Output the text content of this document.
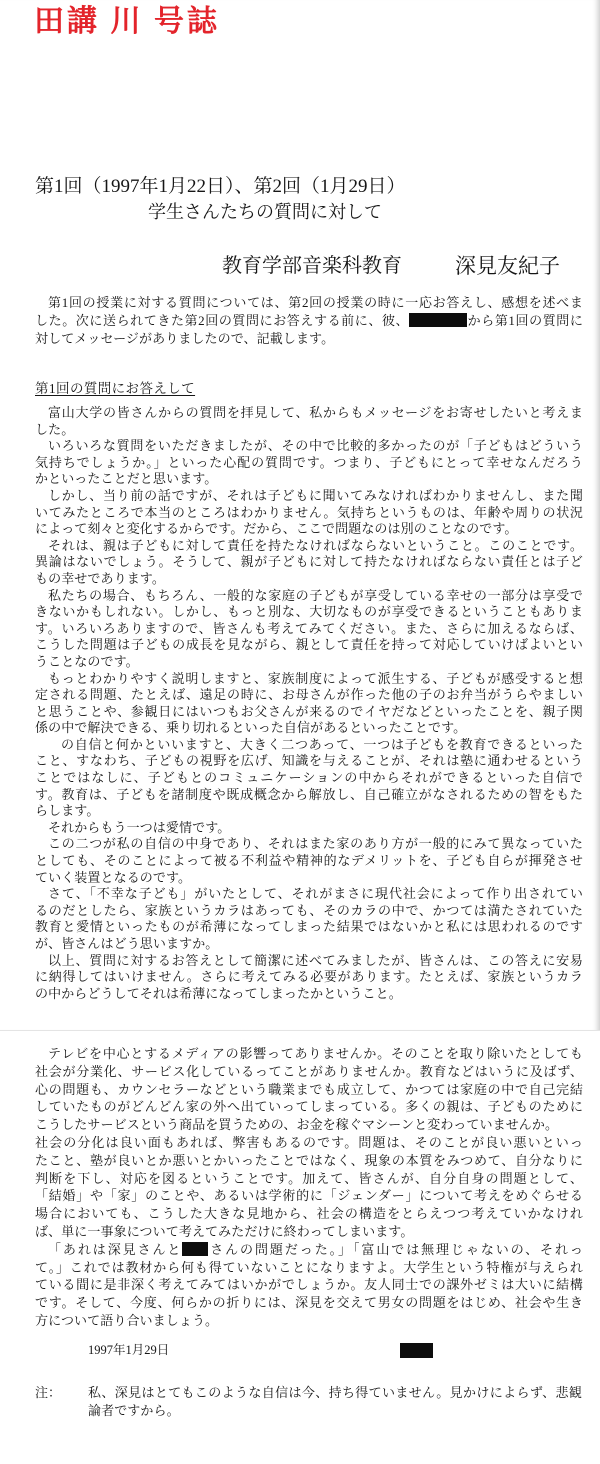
田講 川 号誌
第1回（1997年1月22日）、第2回（1月29日）
学生さんたちの質問に対して
教育学部音楽科教育	深見友紀子
第1回の授業に対する質問については、第2回の授業の時に一応お答えし、感想を述べま
した。次に送られてきた第2回の質問にお答えする前に、彼、	から第1回の質問に
対してメッセージがありましたので、記載します。
第1回の質問にお答えして
富山大学の皆さんからの質問を拝見して、私からもメッセージをお寄せしたいと考えま
した。
いろいろな質問をいただきましたが、その中で比較的多かったのが「子どもはどういう
気持ちでしょうか。」といった心配の質問です。つまり、子どもにとって幸せなんだろう
かといったことだと思います。
しかし、当り前の話ですが、それは子どもに聞いてみなければわかりませんし、また聞
いてみたところで本当のところはわかりません。気持ちというものは、年齢や周りの状況
によって刻々と変化するからです。だから、ここで問題なのは別のことなのです。
それは、親は子どもに対して責任を持たなければならないということ。このことです。
異論はないでしょう。そうして、親が子どもに対して持たなければならない責任とは子ど
もの幸せであります。
私たちの場合、もちろん、一般的な家庭の子どもが享受している幸せの一部分は享受で
きないかもしれない。しかし、もっと別な、大切なものが享受できるということもありま
す。いろいろありますので、皆さんも考えてみてください。また、さらに加えるならば、
こうした問題は子どもの成長を見ながら、親として責任を持って対応していけばよいとい
うことなのです。
もっとわかりやすく説明しますと、家族制度によって派生する、子どもが感受すると想
定される問題、たとえば、遠足の時に、お母さんが作った他の子のお弁当がうらやましい
と思うことや、参観日にはいつもお父さんが来るのでイヤだなどといったことを、親子関
係の中で解決できる、乗り切れるといった自信があるといったことです。
の自信と何かといいますと、大きく二つあって、一つは子どもを教育できるといった
こと、すなわち、子どもの視野を広げ、知識を与えることが、それは塾に通わせるという
ことではなしに、子どもとのコミュニケーションの中からそれができるといった自信で
す。教育は、子どもを諸制度や既成概念から解放し、自己確立がなされるための智をもた
らします。
それからもう一つは愛情です。
この二つが私の自信の中身であり、それはまた家のあり方が一般的にみて異なっていた
としても、そのことによって被る不利益や精神的なデメリットを、子ども自らが揮発させ
ていく装置となるのです。
さて、「不幸な子ども」がいたとして、それがまさに現代社会によって作り出されてい
るのだとしたら、家族というカラはあっても、そのカラの中で、かつては満たされていた
教育と愛情といったものが希薄になってしまった結果ではないかと私には思われるのです
が、皆さんはどう思いますか。
以上、質問に対するお答えとして簡潔に述べてみましたが、皆さんは、この答えに安易
に納得してはいけません。さらに考えてみる必要があります。たとえば、家族というカラ
の中からどうしてそれは希薄になってしまったかということ。
テレビを中心とするメディアの影響ってありませんか。そのことを取り除いたとしても
社会が分業化、サービス化しているってことがありませんか。教育などはいうに及ばず、
心の問題も、カウンセラーなどという職業までも成立して、かつては家庭の中で自己完結
していたものがどんどん家の外へ出ていってしまっている。多くの親は、子どものために
こうしたサービスという商品を買うための、お金を稼ぐマシーンと変わっていませんか。
社会の分化は良い面もあれば、弊害もあるのです。問題は、そのことが良い悪いといっ
たこと、塾が良いとか悪いとかいったことではなく、現象の本質をみつめて、自分なりに
判断を下し、対応を図るということです。加えて、皆さんが、自分自身の問題として、
「結婚」や「家」のことや、あるいは学術的に「ジェンダー」について考えをめぐらせる
場合においても、こうした大きな見地から、社会の構造をとらえつつ考えていかなけれ
ば、単に一事象について考えてみただけに終わってしまいます。
「あれは深見さんと さんの問題だった。」「富山では無理じゃないの、それっ
て。」これでは教材から何も得ていないことになりますよ。大学生という特権が与えられ
ている間に是非深く考えてみてはいかがでしょうか。友人同士での課外ゼミは大いに結構
です。そして、今度、何らかの折りには、深見を交えて男女の問題をはじめ、社会や生き
方について語り合いましょう。
1997年1月29日
注： 私、深見はとてもこのような自信は今、持ち得ていません。見かけによらず、悲観
論者ですから。
